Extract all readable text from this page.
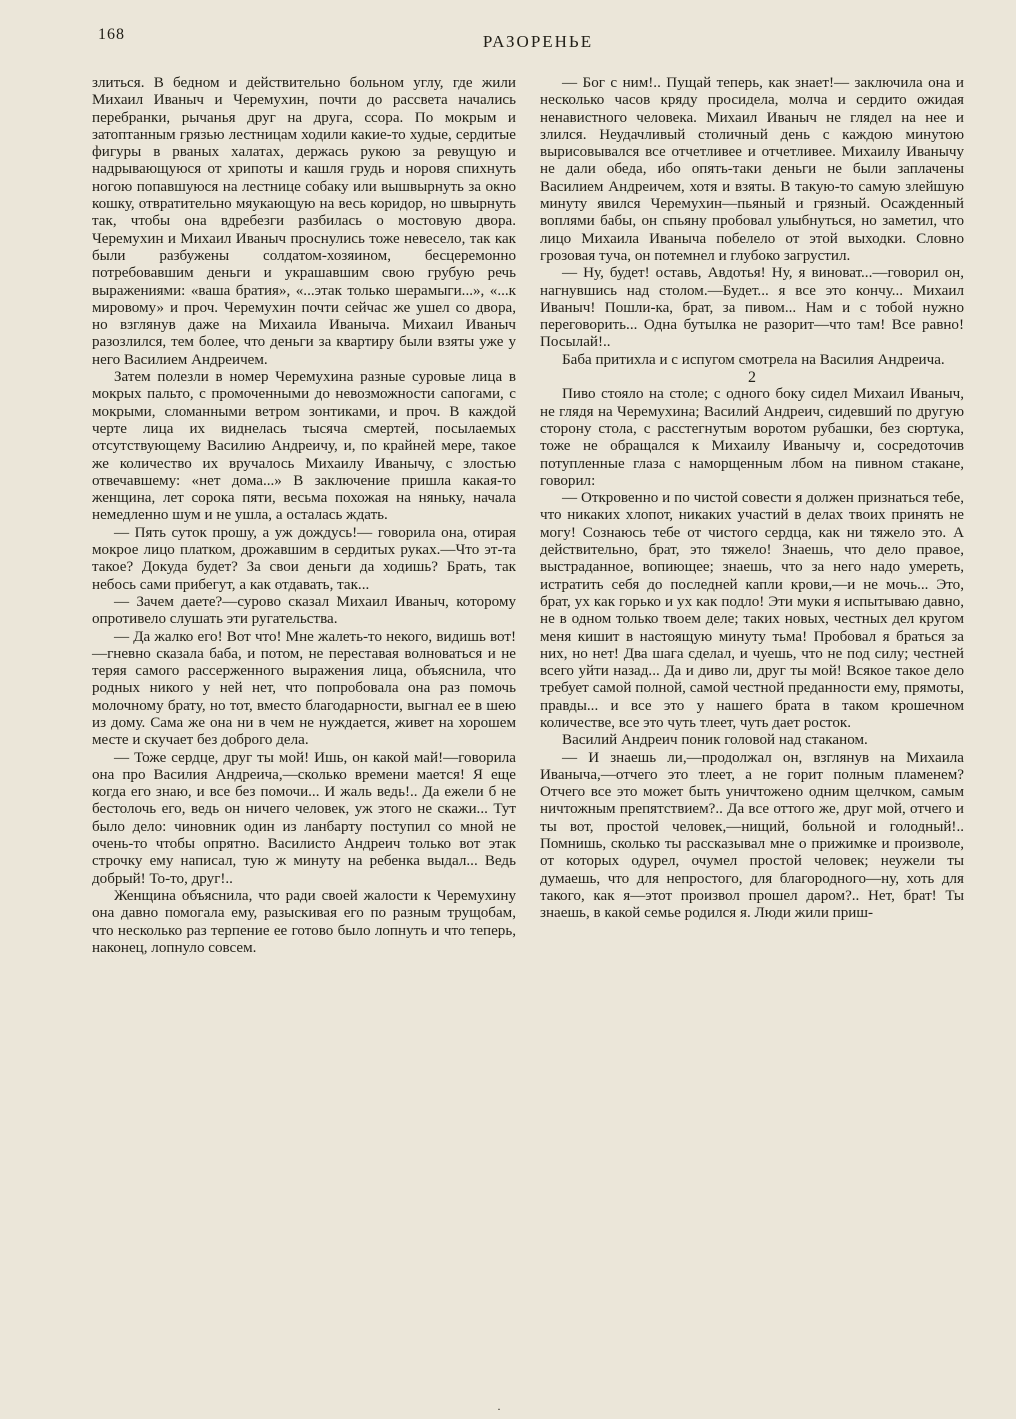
168	РАЗОРЕНЬЕ

злиться. В бедном и действительно больном углу, где жили Михаил Иваныч и Черемухин, почти до рассвета начались перебранки, рычанья друг на друга, ссора. По мокрым и затоптанным грязью лестницам ходили какие-то худые, сердитые фигуры в рваных халатах, держась рукою за ревущую и надрывающуюся от хрипоты и кашля грудь и норовя спихнуть ногою попавшуюся на лестнице собаку или вышвырнуть за окно кошку, отвратительно мяукающую на весь коридор, но швырнуть так, чтобы она вдребезги разбилась о мостовую двора. Черемухин и Михаил Иваныч проснулись тоже невесело, так как были разбужены солдатом-хозяином, бесцеремонно потребовавшим деньги и украшавшим свою грубую речь выражениями: «ваша братия», «...этак только шерамыги...», «...к мировому» и проч. Черемухин почти сейчас же ушел со двора, но взглянув даже на Михаила Иваныча. Михаил Иваныч разозлился, тем более, что деньги за квартиру были взяты уже у него Василием Андреичем.

Затем полезли в номер Черемухина разные суровые лица в мокрых пальто, с промоченными до невозможности сапогами, с мокрыми, сломанными ветром зонтиками, и проч. В каждой черте лица их виднелась тысяча смертей, посылаемых отсутствующему Василию Андреичу, и, по крайней мере, такое же количество их вручалось Михаилу Иванычу, с злостью отвечавшему: «нет дома...» В заключение пришла какая-то женщина, лет сорока пяти, весьма похожая на няньку, начала немедленно шум и не ушла, а осталась ждать.

— Пять суток прошу, а уж дождусь!— говорила она, отирая мокрое лицо платком, дрожавшим в сердитых руках.—Что эт-та такое? Докуда будет? За свои деньги да ходишь? Брать, так небось сами прибегут, а как отдавать, так...

— Зачем даете?—сурово сказал Михаил Иваныч, которому опротивело слушать эти ругательства.

— Да жалко его! Вот что! Мне жалеть-то некого, видишь вот!—гневно сказала баба, и потом, не переставая волноваться и не теряя самого рассерженного выражения лица, объяснила, что родных никого у ней нет, что попробовала она раз помочь молочному брату, но тот, вместо благодарности, выгнал ее в шею из дому. Сама же она ни в чем не нуждается, живет на хорошем месте и скучает без доброго дела.

— Тоже сердце, друг ты мой! Ишь, он какой май!—говорила она про Василия Андреича,—сколько времени мается! Я еще когда его знаю, и все без помочи... И жаль ведь!.. Да ежели б не бестолочь его, ведь он ничего человек, уж этого не скажи... Тут было дело: чиновник один из ланбарту поступил со мной не очень-то чтобы опрятно. Василисто Андреич только вот этак строчку ему написал, тую ж минуту на ребенка выдал... Ведь добрый! То-то, друг!..

Женщина объяснила, что ради своей жалости к Черемухину она давно помогала ему, разыскивая его по разным трущобам, что несколько раз терпение ее готово было лопнуть и что теперь, наконец, лопнуло совсем.

— Бог с ним!.. Пущай теперь, как знает!— заключила она и несколько часов кряду просидела, молча и сердито ожидая ненавистного человека. Михаил Иваныч не глядел на нее и злился. Неудачливый столичный день с каждою минутою вырисовывался все отчетливее и отчетливее. Михаилу Иванычу не дали обеда, ибо опять-таки деньги не были заплачены Василием Андреичем, хотя и взяты. В такую-то самую злейшую минуту явился Черемухин—пьяный и грязный. Осажденный воплями бабы, он спьяну пробовал улыбнуться, но заметил, что лицо Михаила Иваныча побелело от этой выходки. Словно грозовая туча, он потемнел и глубоко загрустил.

— Ну, будет! оставь, Авдотья! Ну, я виноват...—говорил он, нагнувшись над столом.—Будет... я все это кончу... Михаил Иваныч! Пошли-ка, брат, за пивом... Нам и с тобой нужно переговорить... Одна бутылка не разорит—что там! Все равно! Посылай!..

Баба притихла и с испугом смотрела на Василия Андреича.

2

Пиво стояло на столе; с одного боку сидел Михаил Иваныч, не глядя на Черемухина; Василий Андреич, сидевший по другую сторону стола, с расстегнутым воротом рубашки, без сюртука, тоже не обращался к Михаилу Иванычу и, сосредоточив потупленные глаза с наморщенным лбом на пивном стакане, говорил:

— Откровенно и по чистой совести я должен признаться тебе, что никаких хлопот, никаких участий в делах твоих принять не могу! Сознаюсь тебе от чистого сердца, как ни тяжело это. А действительно, брат, это тяжело! Знаешь, что дело правое, выстраданное, вопиющее; знаешь, что за него надо умереть, истратить себя до последней капли крови,—и не мочь... Это, брат, ух как горько и ух как подло! Эти муки я испытываю давно, не в одном только твоем деле; таких новых, честных дел кругом меня кишит в настоящую минуту тьма! Пробовал я браться за них, но нет! Два шага сделал, и чуешь, что не под силу; честней всего уйти назад... Да и диво ли, друг ты мой! Всякое такое дело требует самой полной, самой честной преданности ему, прямоты, правды... и все это у нашего брата в таком крошечном количестве, все это чуть тлеет, чуть дает росток.

Василий Андреич поник головой над стаканом.

— И знаешь ли,—продолжал он, взглянув на Михаила Иваныча,—отчего это тлеет, а не горит полным пламенем? Отчего все это может быть уничтожено одним щелчком, самым ничтожным препятствием?.. Да все оттого же, друг мой, отчего и ты вот, простой человек,—нищий, больной и голодный!.. Помнишь, сколько ты рассказывал мне о прижимке и произволе, от которых одурел, очумел простой человек; неужели ты думаешь, что для непростого, для благородного—ну, хоть для такого, как я—этот произвол прошел даром?.. Нет, брат! Ты знаешь, в какой семье родился я. Люди жили приш-

·
